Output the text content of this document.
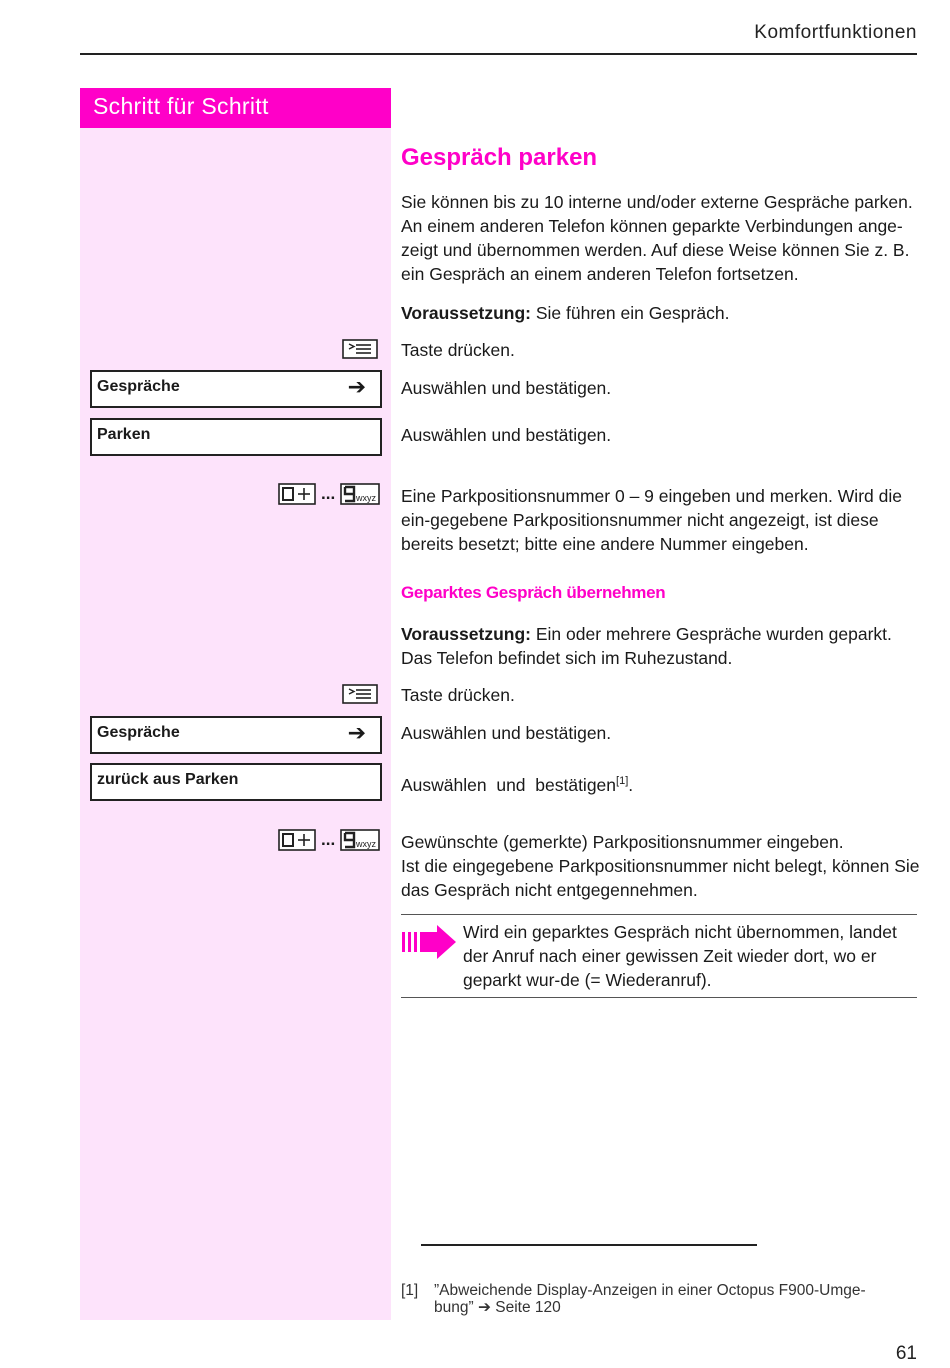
Komfortfunktionen
Schritt für Schritt
Gespräch parken
Sie können bis zu 10 interne und/oder externe Gespräche parken. An einem anderen Telefon können geparkte Verbindungen ange-zeigt und übernommen werden. Auf diese Weise können Sie z. B. ein Gespräch an einem anderen Telefon fortsetzen.
Voraussetzung: Sie führen ein Gespräch.
Taste drücken.
Gespräche	➔ Auswählen und bestätigen.
Parken	Auswählen und bestätigen.
... wxyz Eine Parkpositionsnummer 0 – 9 eingeben und merken. Wird die ein-gegebene Parkpositionsnummer nicht angezeigt, ist diese bereits besetzt; bitte eine andere Nummer eingeben.
Geparktes Gespräch übernehmen
Voraussetzung: Ein oder mehrere Gespräche wurden geparkt. Das Telefon befindet sich im Ruhezustand.
Taste drücken.
Gespräche	➔ Auswählen und bestätigen.
zurück aus Parken	Auswählen  und  bestätigen[1].
... wxyz Gewünschte (gemerkte) Parkpositionsnummer eingeben.
Ist die eingegebene Parkpositionsnummer nicht belegt, können Sie das Gespräch nicht entgegennehmen.
Wird ein geparktes Gespräch nicht übernommen, landet der Anruf nach einer gewissen Zeit wieder dort, wo er geparkt wur-de (= Wiederanruf).
[1] ”Abweichende Display-Anzeigen in einer Octopus F900-Umge-bung” ➔ Seite 120
61
